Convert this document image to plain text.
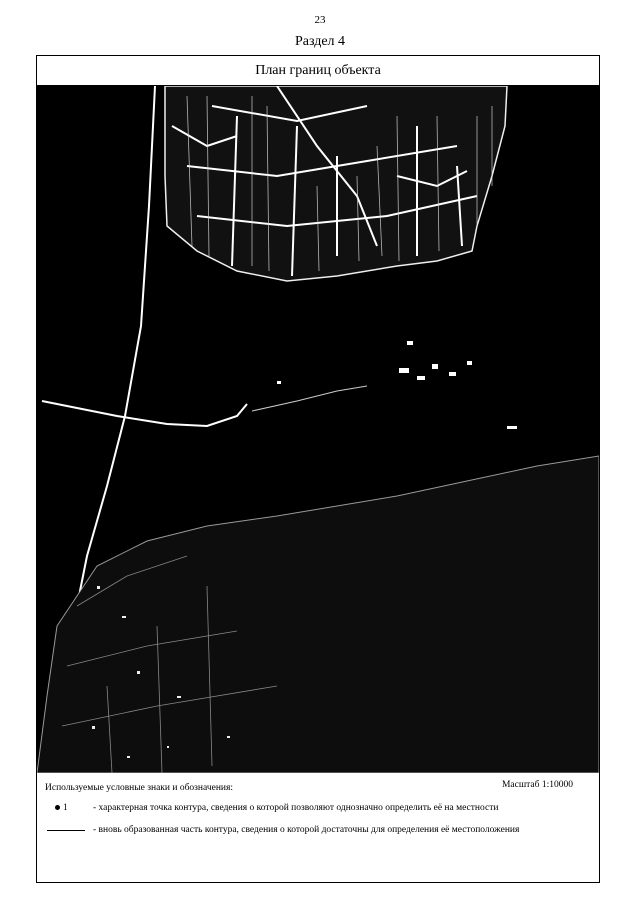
23
Раздел 4
План границ объекта
Используемые условные знаки и обозначения:	Масштаб 1:10000
1	- характерная точка контура, сведения о которой позволяют однозначно определить её на местности
- вновь образованная часть контура, сведения о которой достаточны для определения её местоположения
